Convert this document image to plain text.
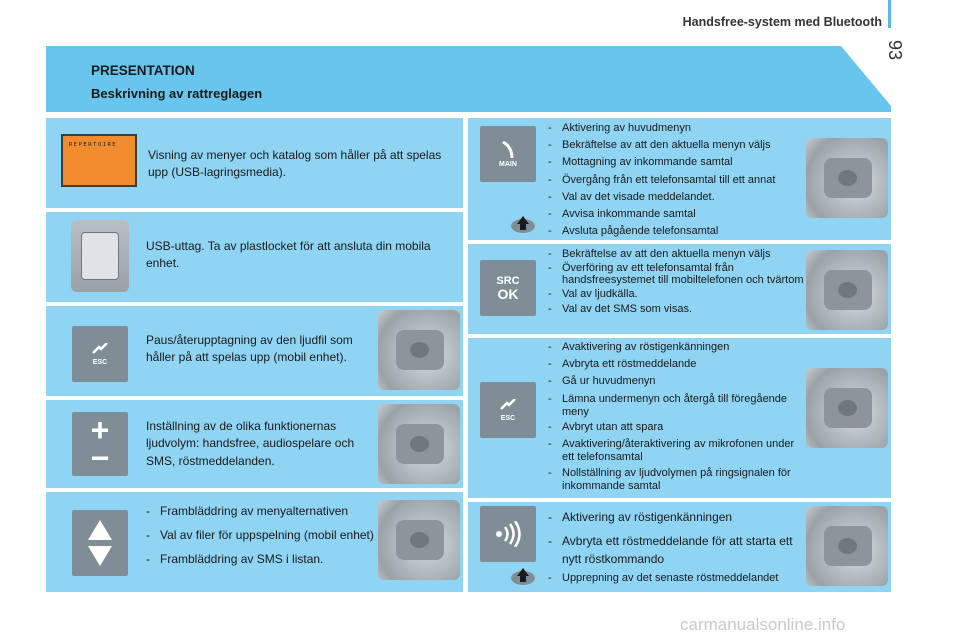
Handsfree-system med Bluetooth
93
PRESENTATION
Beskrivning av rattreglagen
REPERTOIRE
Visning av menyer och katalog som håller på att spelas upp (USB-lagringsmedia).
USB-uttag. Ta av plastlocket för att ansluta din mobila enhet.
ESC
Paus/återupptagning av den ljudfil som håller på att spelas upp (mobil enhet).
+
−
Inställning av de olika funktionernas ljudvolym: handsfree, audiospelare och SMS, röstmeddelanden.
- Frambläddring av menyalternativen
- Val av filer för uppspelning (mobil enhet)
- Frambläddring av SMS i listan.
MAIN
- Aktivering av huvudmenyn
- Bekräftelse av att den aktuella menyn väljs
- Mottagning av inkommande samtal
- Övergång från ett telefonsamtal till ett annat
- Val av det visade meddelandet.
- Avvisa inkommande samtal
- Avsluta pågående telefonsamtal
SRC
OK
- Bekräftelse av att den aktuella menyn väljs
- Överföring av ett telefonsamtal från handsfreesystemet till mobiltelefonen och tvärtom
- Val av ljudkälla.
- Val av det SMS som visas.
ESC
- Avaktivering av röstigenkänningen
- Avbryta ett röstmeddelande
- Gå ur huvudmenyn
- Lämna undermenyn och återgå till föregående meny
- Avbryt utan att spara
- Avaktivering/återaktivering av mikrofonen under ett telefonsamtal
- Nollställning av ljudvolymen på ringsignalen för inkommande samtal
- Aktivering av röstigenkänningen
- Avbryta ett röstmeddelande för att starta ett nytt röstkommando
- Upprepning av det senaste röstmeddelandet
carmanualsonline.info
